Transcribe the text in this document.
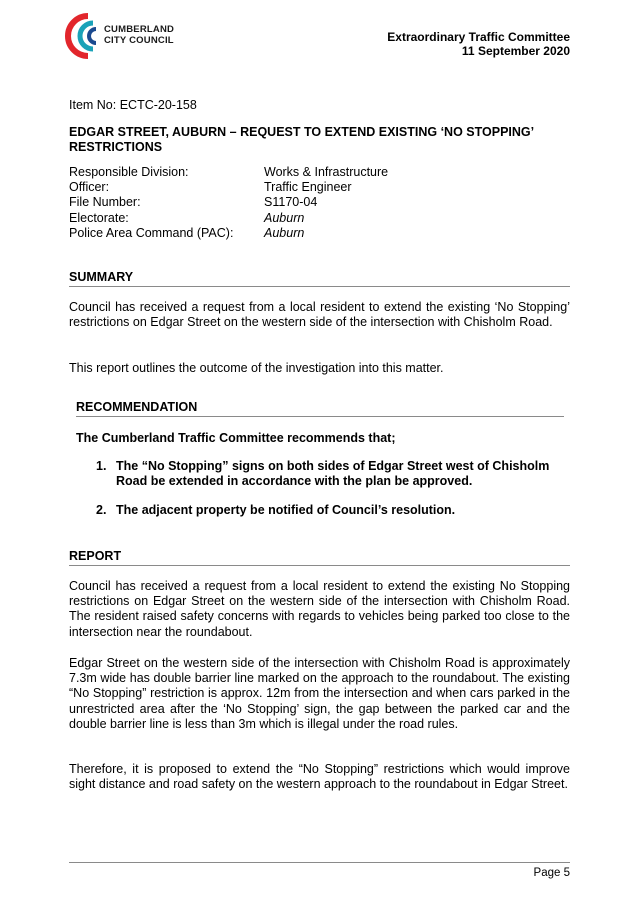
CUMBERLAND
CITY COUNCIL	Extraordinary Traffic Committee
11 September 2020
Item No: ECTC-20-158
EDGAR STREET, AUBURN – REQUEST TO EXTEND EXISTING ‘NO STOPPING’ RESTRICTIONS
Responsible Division:	Works & Infrastructure
Officer:	Traffic Engineer
File Number:	S1170-04
Electorate:	Auburn
Police Area Command (PAC):	Auburn
SUMMARY
Council has received a request from a local resident to extend the existing ‘No Stopping’ restrictions on Edgar Street on the western side of the intersection with Chisholm Road.
This report outlines the outcome of the investigation into this matter.
RECOMMENDATION
The Cumberland Traffic Committee recommends that;
1. The “No Stopping” signs on both sides of Edgar Street west of Chisholm Road be extended in accordance with the plan be approved.
2. The adjacent property be notified of Council’s resolution.
REPORT
Council has received a request from a local resident to extend the existing No Stopping restrictions on Edgar Street on the western side of the intersection with Chisholm Road. The resident raised safety concerns with regards to vehicles being parked too close to the intersection near the roundabout.
Edgar Street on the western side of the intersection with Chisholm Road is approximately 7.3m wide has double barrier line marked on the approach to the roundabout. The existing “No Stopping” restriction is approx. 12m from the intersection and when cars parked in the unrestricted area after the ‘No Stopping’ sign, the gap between the parked car and the double barrier line is less than 3m which is illegal under the road rules.
Therefore, it is proposed to extend the “No Stopping” restrictions which would improve sight distance and road safety on the western approach to the roundabout in Edgar Street.
Page 5
